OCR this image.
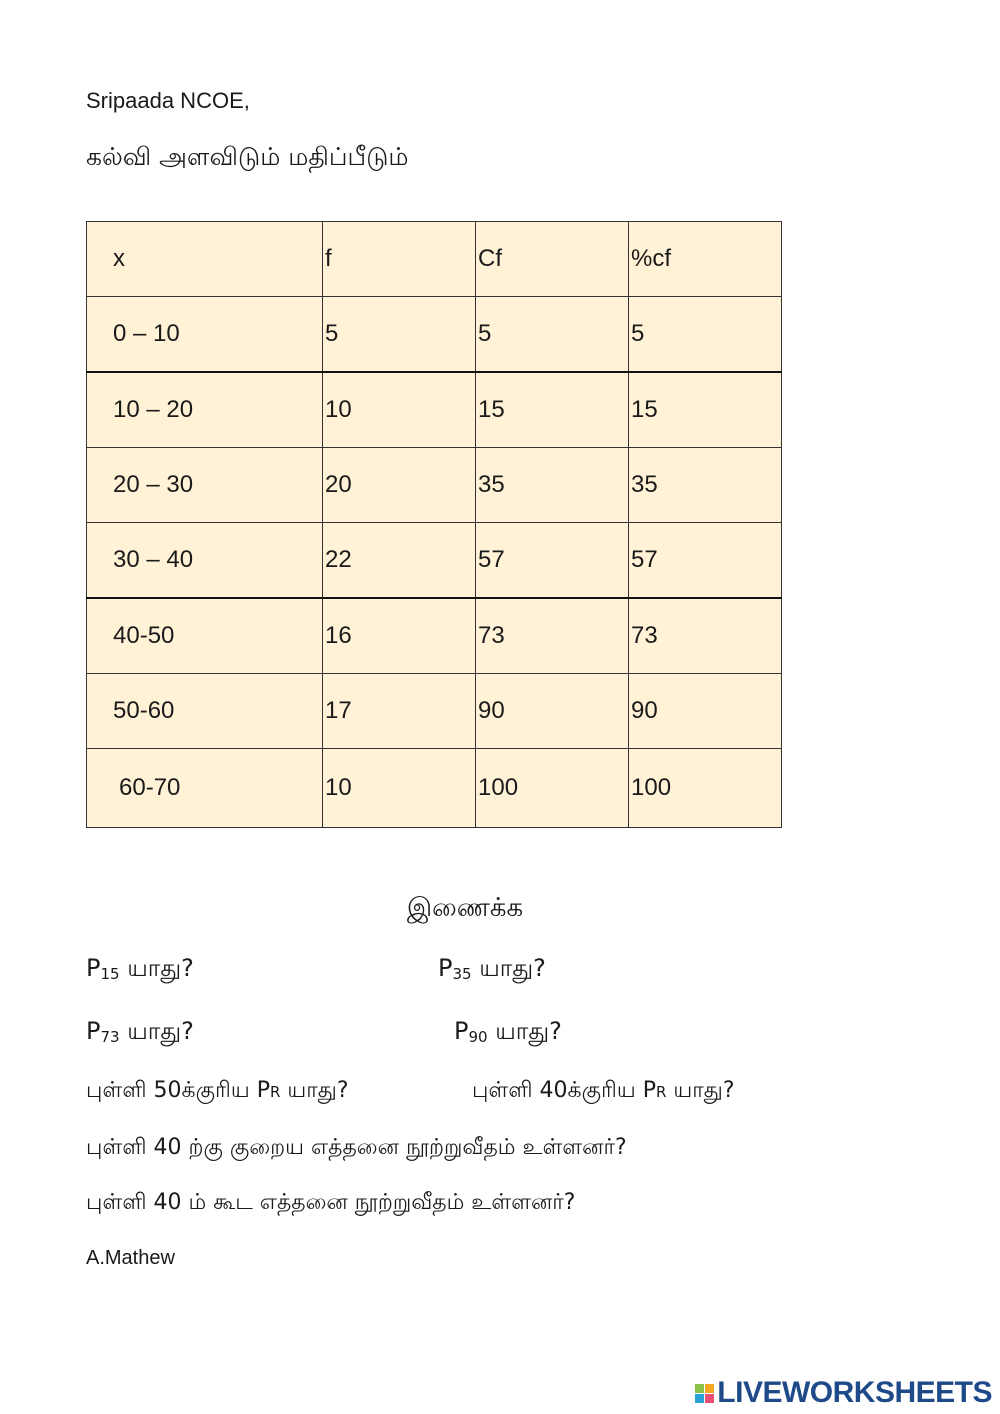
Sripaada NCOE,
கல்வி அளவிடும் மதிப்பீடும்
x	f	Cf	%cf
0 – 10	5	5	5
10 – 20	10	15	15
20 – 30	20	35	35
30 – 40	22	57	57
40-50	16	73	73
50-60	17	90	90
60-70	10	100	100
இணைக்க
$P_{15}$ யாது?	$P_{35}$ யாது?
$P_{73}$ யாது?	$P_{90}$ யாது?
புள்ளி 50க்குரிய PR யாது?	புள்ளி 40க்குரிய PR யாது?
புள்ளி 40 ற்கு குறைய எத்தனை நூற்றுவீதம் உள்ளனர்?
புள்ளி 40 ம் கூட எத்தனை நூற்றுவீதம் உள்ளனர்?
A.Mathew
LIVEWORKSHEETS
